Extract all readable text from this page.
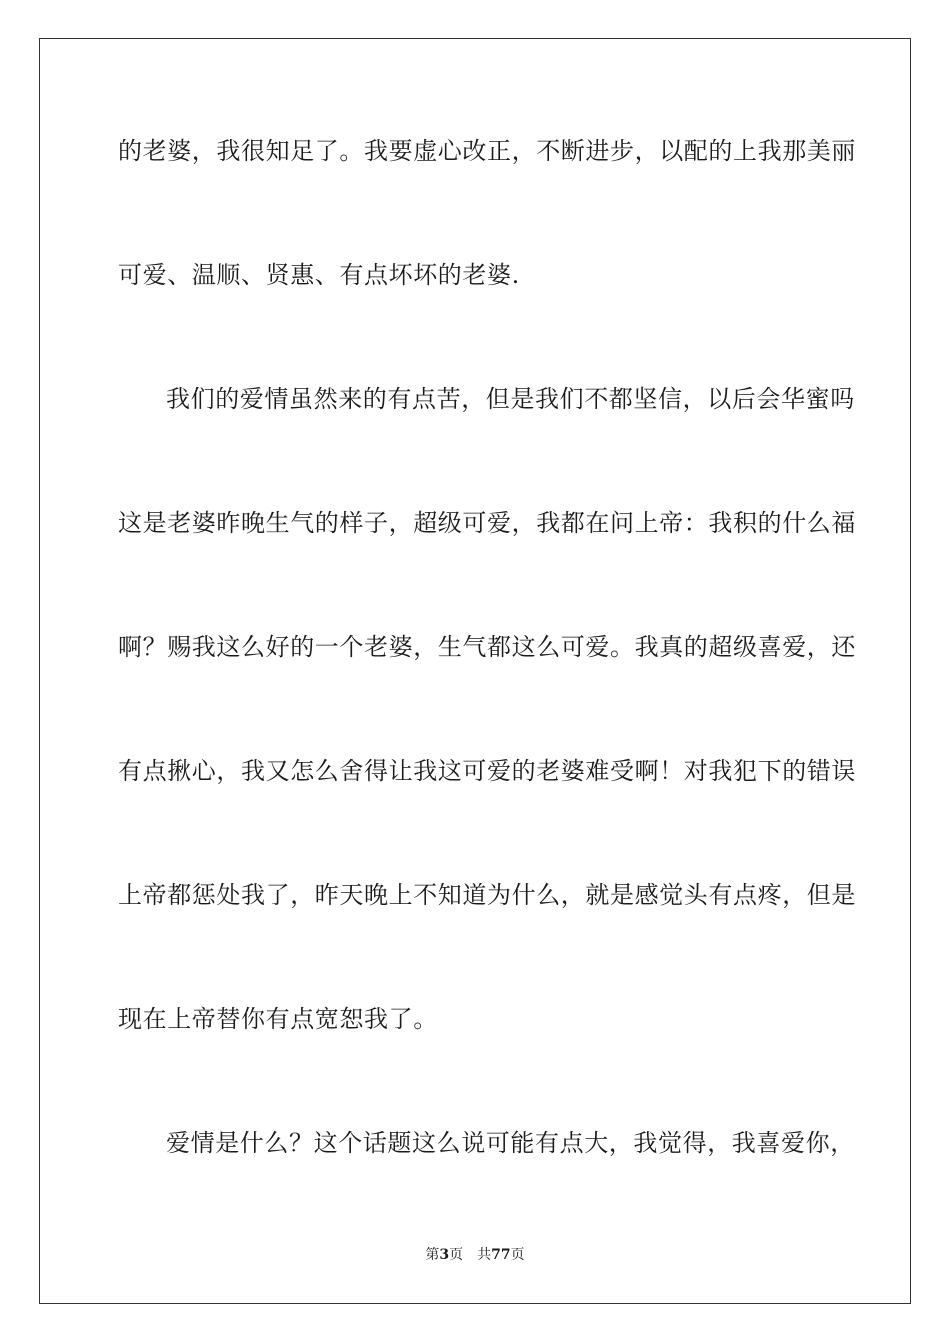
的老婆，我很知足了。我要虚心改正，不断进步，以配的上我那美丽
可爱、温顺、贤惠、有点坏坏的老婆.
我们的爱情虽然来的有点苦，但是我们不都坚信，以后会华蜜吗
这是老婆昨晚生气的样子，超级可爱，我都在问上帝：我积的什么福
啊？赐我这么好的一个老婆，生气都这么可爱。我真的超级喜爱，还
有点揪心，我又怎么舍得让我这可爱的老婆难受啊！对我犯下的错误
上帝都惩处我了，昨天晚上不知道为什么，就是感觉头有点疼，但是
现在上帝替你有点宽恕我了。
爱情是什么？这个话题这么说可能有点大，我觉得，我喜爱你，
第3页 共77页
